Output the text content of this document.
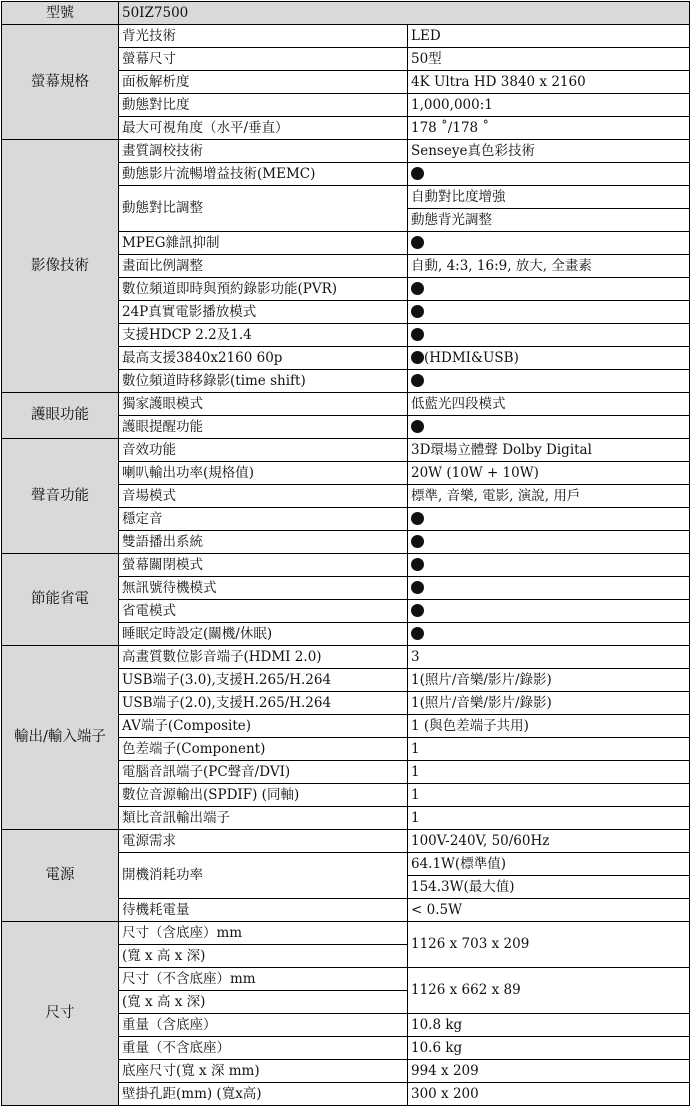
型號	50IZ7500	
螢幕規格	背光技術	LED
	螢幕尺寸	50型
	面板解析度	4K Ultra HD 3840 x 2160
	動態對比度	1,000,000:1
	最大可視角度（水平/垂直）	178 ˚/178 ˚
影像技術	畫質調校技術	Senseye真色彩技術
	動態影片流暢增益技術(MEMC)	
	動態對比調整	自動對比度增強
		動態背光調整
	MPEG雜訊抑制	
	畫面比例調整	自動, 4:3, 16:9, 放大, 全畫素
	數位頻道即時與預約錄影功能(PVR)	
	24P真實電影播放模式	
	支援HDCP 2.2及1.4	
	最高支援3840x2160 60p	(HDMI&USB)
	數位頻道時移錄影(time shift)	
護眼功能	獨家護眼模式	低藍光四段模式
	護眼提醒功能	
聲音功能	音效功能	3D環場立體聲 Dolby Digital
	喇叭輸出功率(規格值)	20W (10W + 10W)
	音場模式	標準, 音樂, 電影, 演說, 用戶
	穩定音	
	雙語播出系統	
節能省電	螢幕關閉模式	
	無訊號待機模式	
	省電模式	
	睡眠定時設定(關機/休眠)	
輸出/輸入端子	高畫質數位影音端子(HDMI 2.0)	3
	USB端子(3.0),支援H.265/H.264	1(照片/音樂/影片/錄影)
	USB端子(2.0),支援H.265/H.264	1(照片/音樂/影片/錄影)
	AV端子(Composite)	1 (與色差端子共用)
	色差端子(Component)	1
	電腦音訊端子(PC聲音/DVI)	1
	數位音源輸出(SPDIF) (同軸)	1
	類比音訊輸出端子	1
電源	電源需求	100V-240V, 50/60Hz
	開機消耗功率	64.1W(標準值)
		154.3W(最大值)
	待機耗電量	< 0.5W
尺寸	尺寸（含底座）mm	1126 x 703 x 209
	(寬 x 高 x 深)	
	尺寸（不含底座）mm	1126 x 662 x 89
	(寬 x 高 x 深)	
	重量（含底座）	10.8 kg
	重量（不含底座）	10.6 kg
	底座尺寸(寬 x 深 mm)	994 x 209
	壁掛孔距(mm) (寬x高)	300 x 200
